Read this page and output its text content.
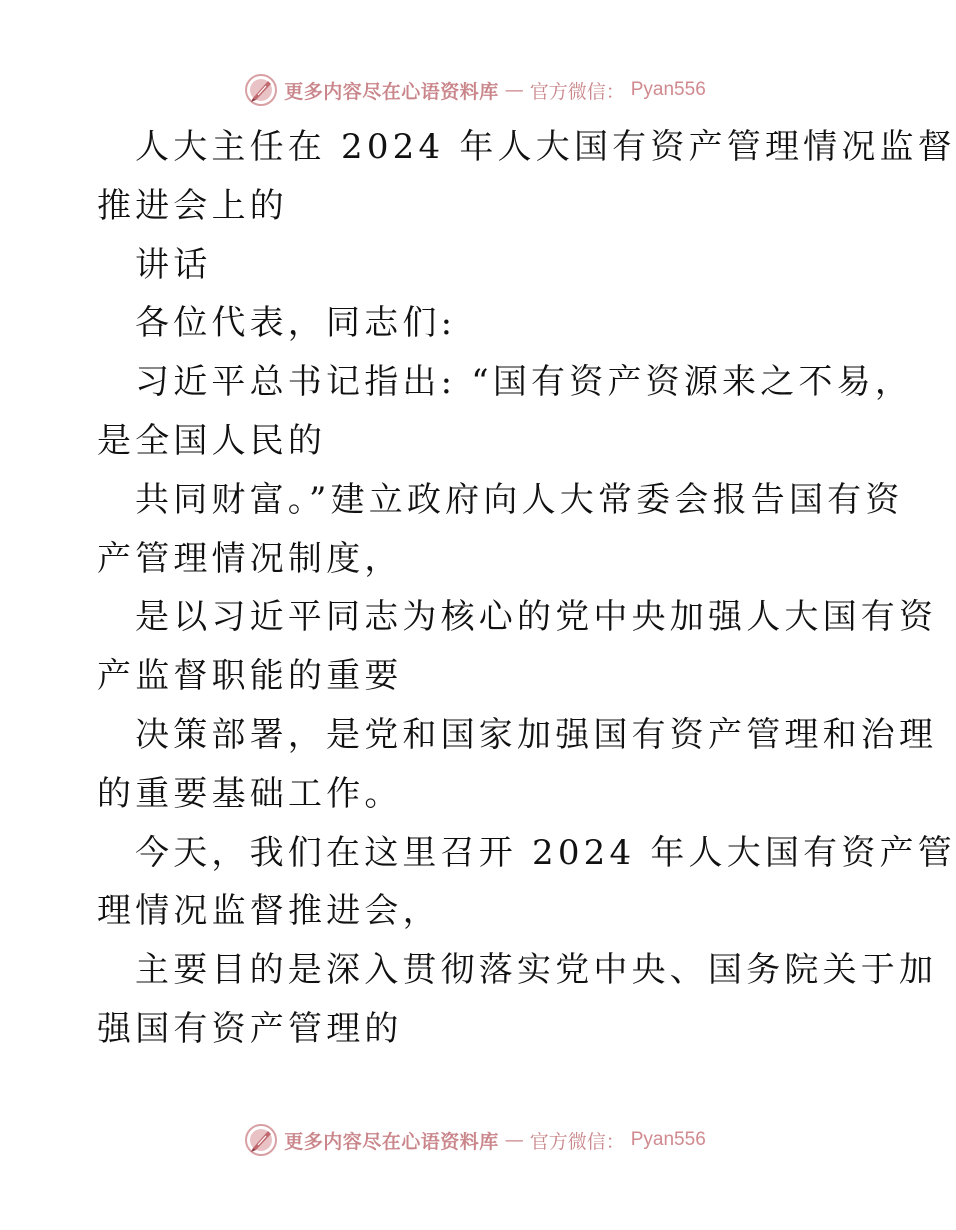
更多内容尽在心语资料库 — 官方微信： Pyan556
人大主任在 2024 年人大国有资产管理情况监督
推进会上的
讲话
各位代表，同志们:
习近平总书记指出: “国有资产资源来之不易，
是全国人民的
共同财富。”建立政府向人大常委会报告国有资
产管理情况制度，
是以习近平同志为核心的党中央加强人大国有资
产监督职能的重要
决策部署，是党和国家加强国有资产管理和治理
的重要基础工作。
今天，我们在这里召开 2024 年人大国有资产管
理情况监督推进会，
主要目的是深入贯彻落实党中央、国务院关于加
强国有资产管理的
更多内容尽在心语资料库 — 官方微信： Pyan556
